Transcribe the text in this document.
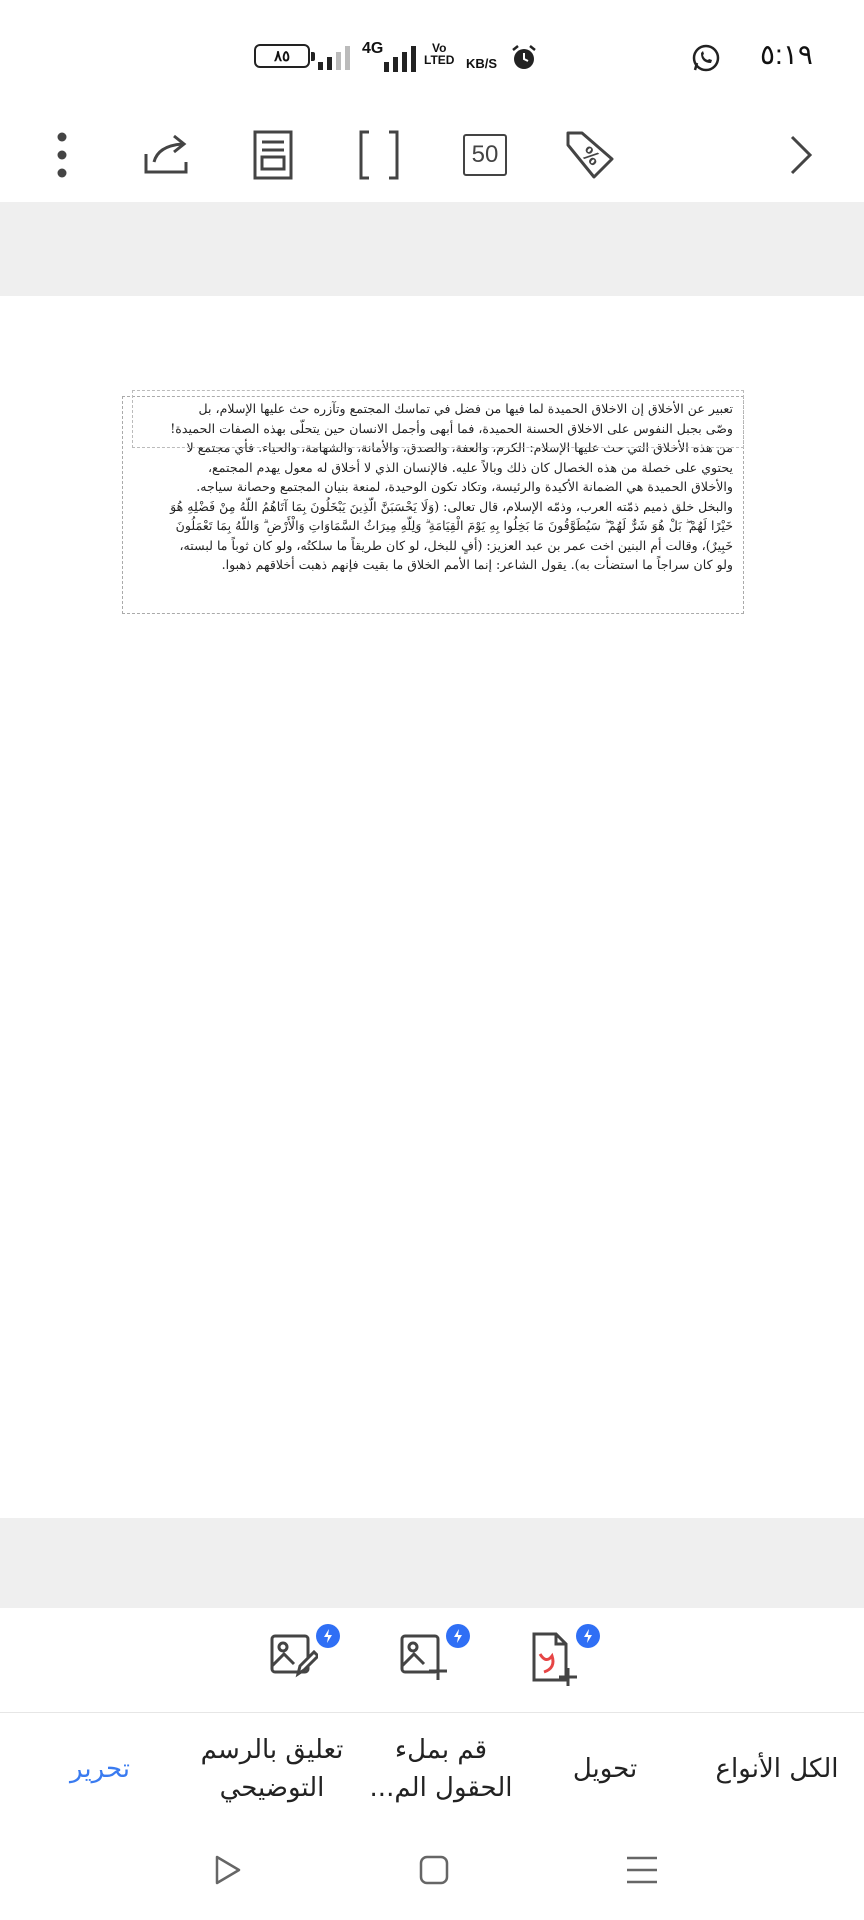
٨٥	4G	Vo
LTED KB/S	٥:١٩
50	%
تعبير عن الأخلاق إن الاخلاق الحميدة لما فيها من فضل في تماسك المجتمع وتآزره حث عليها الإسلام، بل
وصّى بجبل النفوس على الاخلاق الحسنة الحميدة، فما أبهى وأجمل الانسان حين يتحلّى بهذه الصفات الحميدة!
من هذه الأخلاق التي حث عليها الإسلام: الكرم، والعفة، والصدق، والأمانة، والشهامة، والحياء. فأي مجتمع لا
يحتوي على خصلة من هذه الخصال كان ذلك وبالاً عليه. فالإنسان الذي لا أخلاق له معول يهدم المجتمع،
والأخلاق الحميدة هي الضمانة الأكيدة والرئيسة، وتكاد تكون الوحيدة، لمنعة بنيان المجتمع وحصانة سياجه.
والبخل خلق ذميم ذمّته العرب، وذمّه الإسلام، قال تعالى: (وَلَا يَحْسَبَنَّ الَّذِينَ يَبْخَلُونَ بِمَا آتَاهُمُ اللَّهُ مِنْ فَضْلِهِ هُوَ
خَيْرًا لَهُمْ ۖ بَلْ هُوَ شَرٌّ لَهُمْ ۖ سَيُطَوَّقُونَ مَا بَخِلُوا بِهِ يَوْمَ الْقِيَامَةِ ۗ وَلِلَّهِ مِيرَاثُ السَّمَاوَاتِ وَالْأَرْضِ ۗ وَاللَّهُ بِمَا تَعْمَلُونَ
خَبِيرٌ)، وقالت أم البنين اخت عمر بن عبد العزيز: (أفٍ للبخل، لو كان طريقاً ما سلكتُه، ولو كان ثوباً ما لبسته،
ولو كان سراجاً ما استضأت به). يقول الشاعر: إنما الأمم الخلاق ما بقيت فإنهم ذهبت أخلاقهم ذهبوا.
الكل الأنواع
تحويل
قم بملء
الحقول الم...
تعليق بالرسم
التوضيحي
تحرير
